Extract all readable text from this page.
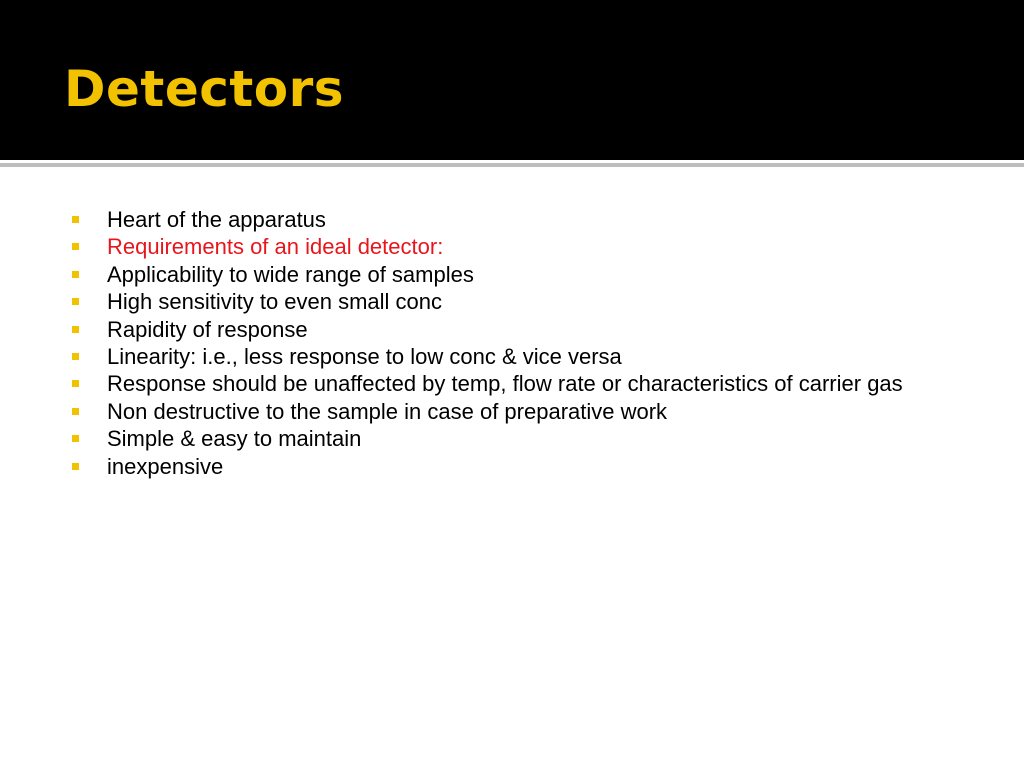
Detectors
Heart of the apparatus
Requirements of an ideal detector:
Applicability to wide range of samples
High sensitivity to even small conc
Rapidity of response
Linearity: i.e., less response to low conc & vice versa
Response should be unaffected by temp, flow rate or characteristics of carrier gas
Non destructive to the sample in case of preparative work
Simple & easy to maintain
inexpensive
